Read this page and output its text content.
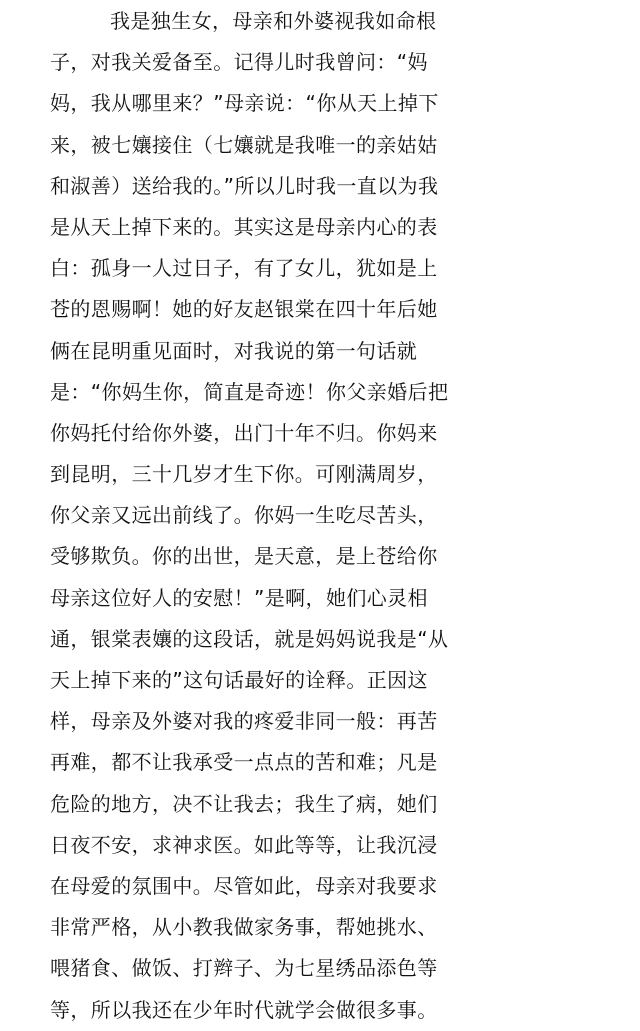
我是独生女，母亲和外婆视我如命根
子，对我关爱备至。记得儿时我曾问：“妈
妈，我从哪里来？”母亲说：“你从天上掉下
来，被七孃接住（七孃就是我唯一的亲姑姑
和淑善）送给我的。”所以儿时我一直以为我
是从天上掉下来的。其实这是母亲内心的表
白：孤身一人过日子，有了女儿，犹如是上
苍的恩赐啊！她的好友赵银棠在四十年后她
俩在昆明重见面时，对我说的第一句话就
是：“你妈生你，简直是奇迹！你父亲婚后把
你妈托付给你外婆，出门十年不归。你妈来
到昆明，三十几岁才生下你。可刚满周岁，
你父亲又远出前线了。你妈一生吃尽苦头，
受够欺负。你的出世，是天意，是上苍给你
母亲这位好人的安慰！”是啊，她们心灵相
通，银棠表孃的这段话，就是妈妈说我是“从
天上掉下来的”这句话最好的诠释。正因这
样，母亲及外婆对我的疼爱非同一般：再苦
再难，都不让我承受一点点的苦和难；凡是
危险的地方，决不让我去；我生了病，她们
日夜不安，求神求医。如此等等，让我沉浸
在母爱的氛围中。尽管如此，母亲对我要求
非常严格，从小教我做家务事，帮她挑水、
喂猪食、做饭、打辫子、为七星绣品添色等
等，所以我还在少年时代就学会做很多事。
